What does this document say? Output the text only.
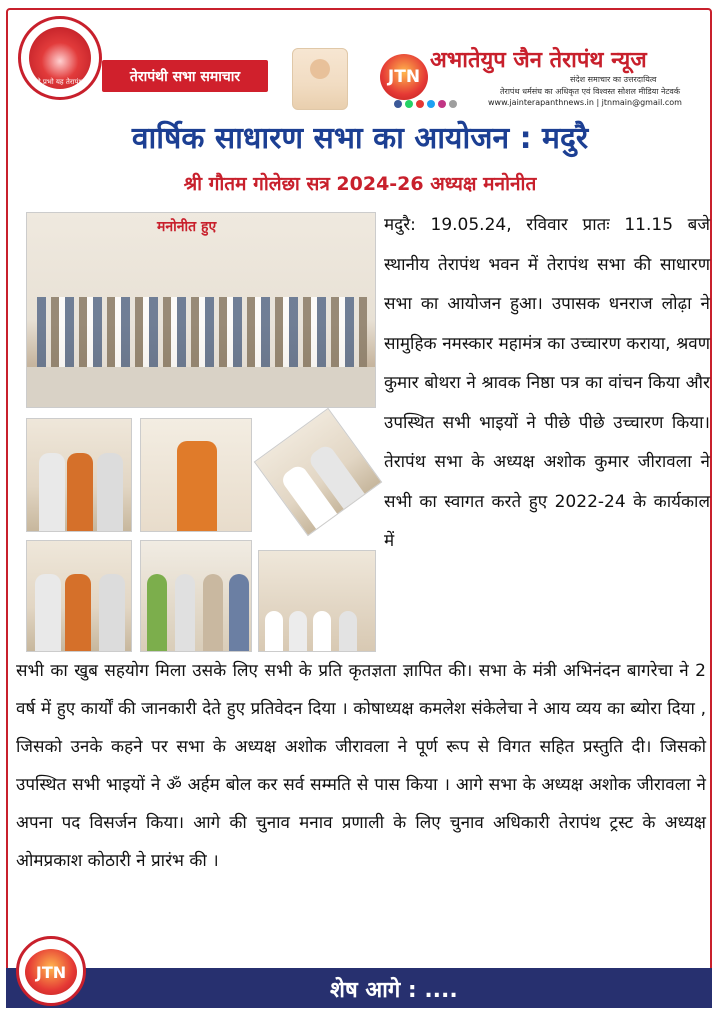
हे प्रभो यह तेरापंथ	तेरापंथी सभा समाचार	JTN
अभातेयुप जैन तेरापंथ न्यूज
संदेश समाचार का उत्तरदायित्व
तेरापंथ धर्मसंघ का अधिकृत एवं विश्वस्त सोशल मीडिया नेटवर्क
www.jainterapanthnews.in | jtnmain@gmail.com
वार्षिक साधारण सभा का आयोजन : मदुरै
श्री गौतम गोलेछा सत्र 2024-26 अध्यक्ष मनोनीत
मनोनीत हुए	मदुरै: 19.05.24, रविवार प्रातः 11.15 बजे स्थानीय तेरापंथ भवन में तेरापंथ सभा की साधारण सभा का आयोजन हुआ। उपासक धनराज लोढ़ा ने सामुहिक नमस्कार महामंत्र का उच्चारण कराया, श्रवण कुमार बोथरा ने श्रावक निष्ठा पत्र का वांचन किया और उपस्थित सभी भाइयों ने पीछे पीछे उच्चारण किया। तेरापंथ सभा के अध्यक्ष अशोक कुमार जीरावला ने सभी का स्वागत करते हुए 2022-24 के कार्यकाल में
सभी का खुब सहयोग मिला उसके लिए सभी के प्रति कृतज्ञता ज्ञापित की। सभा के मंत्री अभिनंदन बागरेचा ने 2 वर्ष में हुए कार्यों की जानकारी देते हुए प्रतिवेदन दिया । कोषाध्यक्ष कमलेश संकेलेचा ने आय व्यय का ब्योरा दिया , जिसको उनके कहने पर सभा के अध्यक्ष अशोक जीरावला ने पूर्ण रूप से विगत सहित प्रस्तुति दी। जिसको उपस्थित सभी भाइयों ने ॐ अर्हम बोल कर सर्व सम्मति से पास किया । आगे सभा के अध्यक्ष अशोक जीरावला ने अपना पद विसर्जन किया। आगे की चुनाव मनाव प्रणाली के लिए चुनाव अधिकारी तेरापंथ ट्रस्ट के अध्यक्ष ओमप्रकाश कोठारी ने प्रारंभ की ।
JTN
शेष आगे : ....
